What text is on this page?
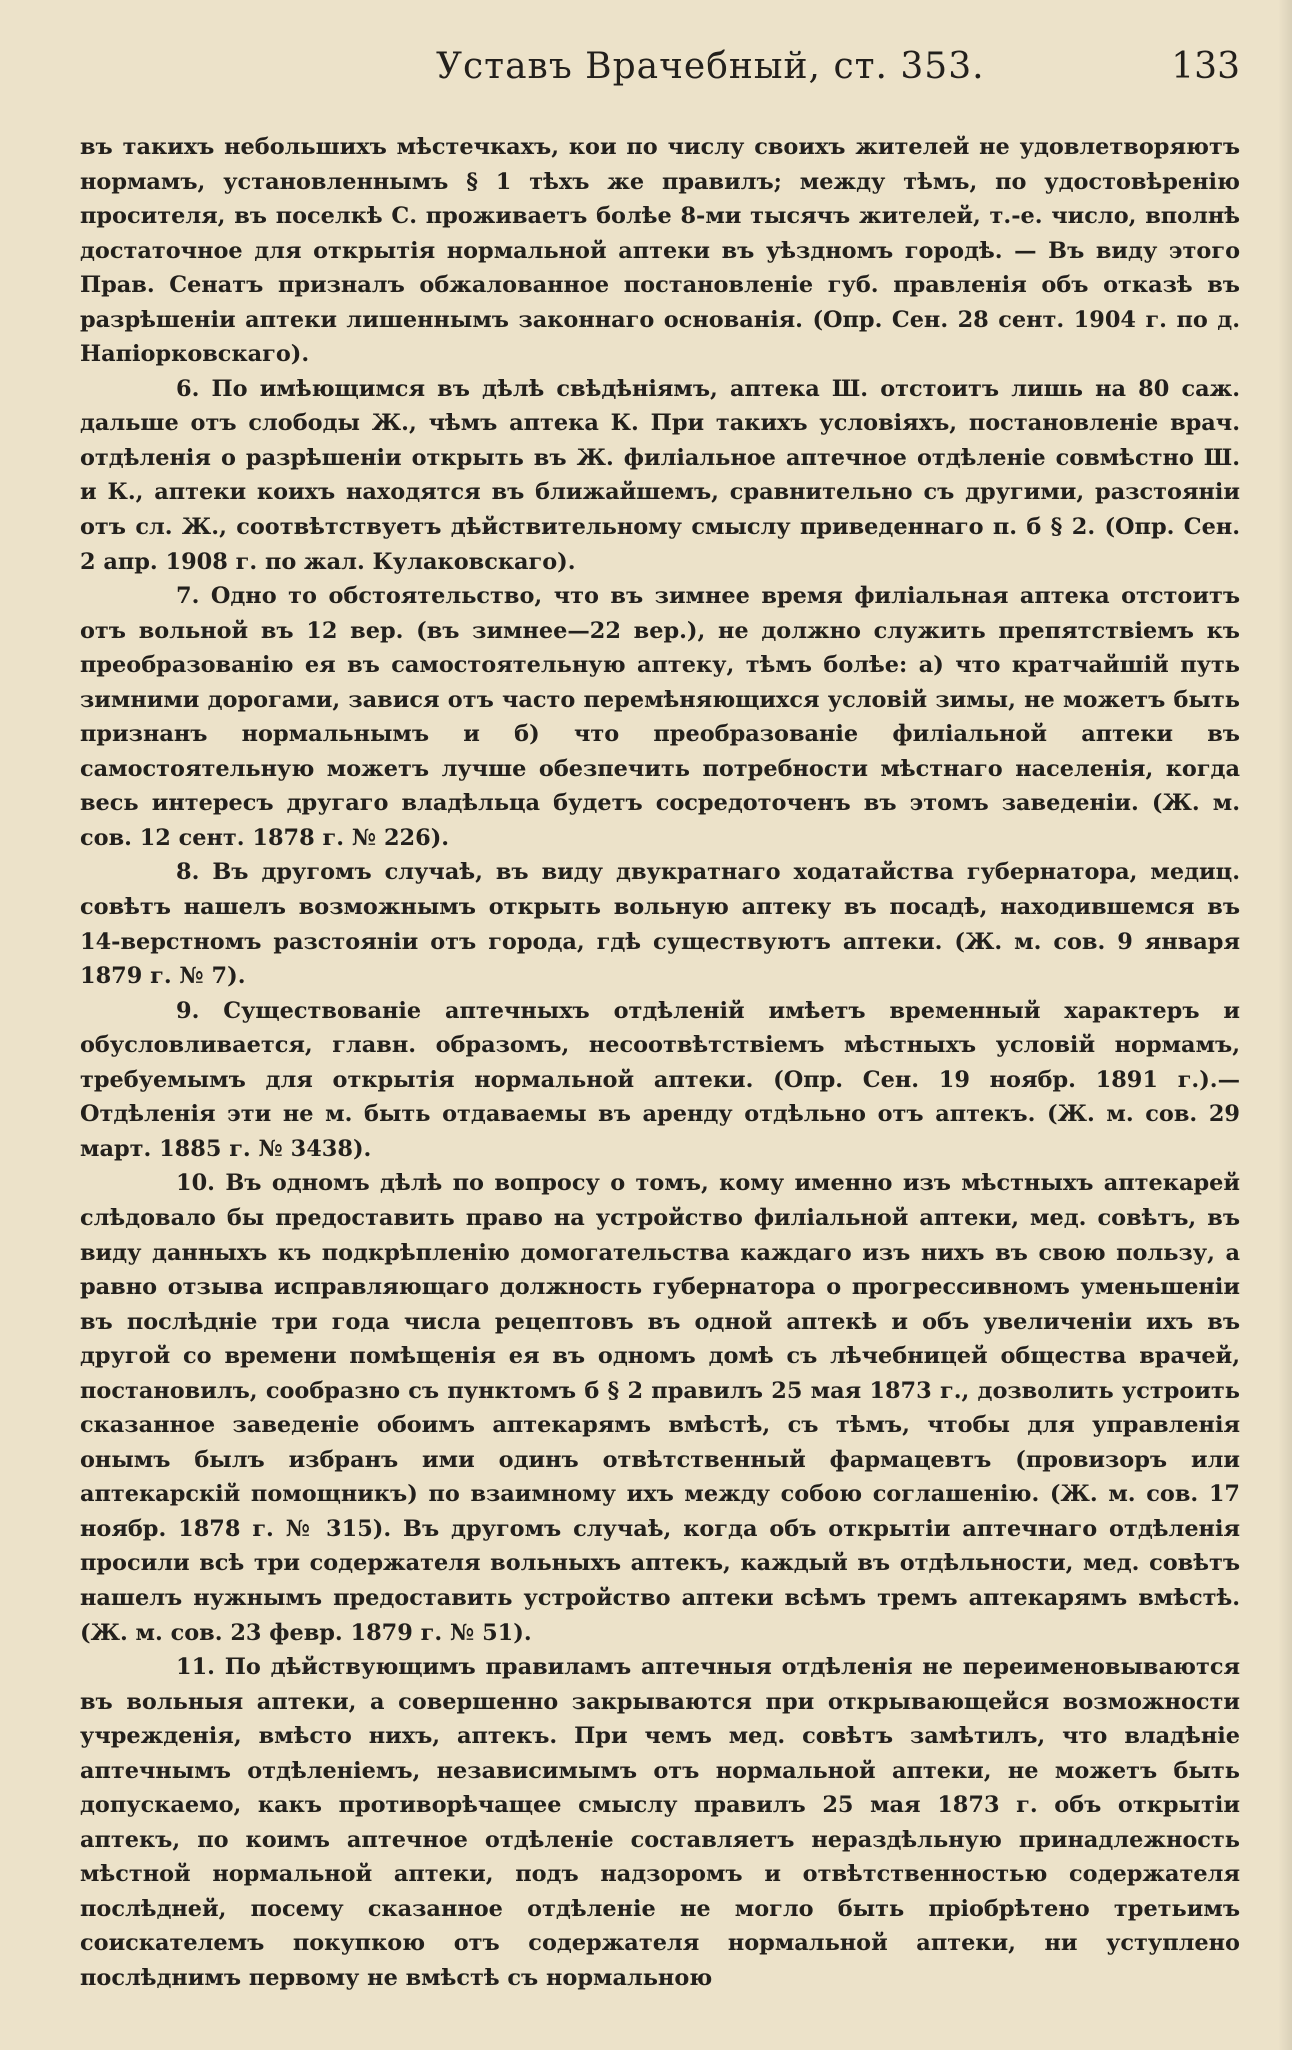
Уставъ Врачебный, ст. 353.	133

въ такихъ небольшихъ мѣстечкахъ, кои по числу своихъ жителей не удовлетворяютъ нормамъ, установленнымъ § 1 тѣхъ же правилъ; между тѣмъ, по удостовѣренію просителя, въ поселкѣ С. проживаетъ болѣе 8-ми тысячъ жителей, т.-е. число, вполнѣ достаточное для открытія нормальной аптеки въ уѣздномъ городѣ. — Въ виду этого Прав. Сенатъ призналъ обжалованное постановленіе губ. правленія объ отказѣ въ разрѣшеніи аптеки лишеннымъ законнаго основанія. (Опр. Сен. 28 сент. 1904 г. по д. Напіорковскаго).

6. По имѣющимся въ дѣлѣ свѣдѣніямъ, аптека Ш. отстоитъ лишь на 80 саж. дальше отъ слободы Ж., чѣмъ аптека К. При такихъ условіяхъ, постановленіе врач. отдѣленія о разрѣшеніи открыть въ Ж. филіальное аптечное отдѣленіе совмѣстно Ш. и К., аптеки коихъ находятся въ ближайшемъ, сравнительно съ другими, разстояніи отъ сл. Ж., соотвѣтствуетъ дѣйствительному смыслу приведеннаго п. б § 2. (Опр. Сен. 2 апр. 1908 г. по жал. Кулаковскаго).

7. Одно то обстоятельство, что въ зимнее время филіальная аптека отстоитъ отъ вольной въ 12 вер. (въ зимнее—22 вер.), не должно служить препятствіемъ къ преобразованію ея въ самостоятельную аптеку, тѣмъ болѣе: а) что кратчайшій путь зимними дорогами, завися отъ часто перемѣняющихся условій зимы, не можетъ быть признанъ нормальнымъ и б) что преобразованіе филіальной аптеки въ самостоятельную можетъ лучше обезпечить потребности мѣстнаго населенія, когда весь интересъ другаго владѣльца будетъ сосредоточенъ въ этомъ заведеніи. (Ж. м. сов. 12 сент. 1878 г. № 226).

8. Въ другомъ случаѣ, въ виду двукратнаго ходатайства губернатора, медиц. совѣтъ нашелъ возможнымъ открыть вольную аптеку въ посадѣ, находившемся въ 14-верстномъ разстояніи отъ города, гдѣ существуютъ аптеки. (Ж. м. сов. 9 января 1879 г. № 7).

9. Существованіе аптечныхъ отдѣленій имѣетъ временный характеръ и обусловливается, главн. образомъ, несоотвѣтствіемъ мѣстныхъ условій нормамъ, требуемымъ для открытія нормальной аптеки. (Опр. Сен. 19 ноябр. 1891 г.).—Отдѣленія эти не м. быть отдаваемы въ аренду отдѣльно отъ аптекъ. (Ж. м. сов. 29 март. 1885 г. № 3438).

10. Въ одномъ дѣлѣ по вопросу о томъ, кому именно изъ мѣстныхъ аптекарей слѣдовало бы предоставить право на устройство филіальной аптеки, мед. совѣтъ, въ виду данныхъ къ подкрѣпленію домогательства каждаго изъ нихъ въ свою пользу, а равно отзыва исправляющаго должность губернатора о прогрессивномъ уменьшеніи въ послѣдніе три года числа рецептовъ въ одной аптекѣ и объ увеличеніи ихъ въ другой со времени помѣщенія ея въ одномъ домѣ съ лѣчебницей общества врачей, постановилъ, сообразно съ пунктомъ б § 2 правилъ 25 мая 1873 г., дозволить устроить сказанное заведеніе обоимъ аптекарямъ вмѣстѣ, съ тѣмъ, чтобы для управленія онымъ былъ избранъ ими одинъ отвѣтственный фармацевтъ (провизоръ или аптекарскій помощникъ) по взаимному ихъ между собою соглашенію. (Ж. м. сов. 17 ноябр. 1878 г. № 315). Въ другомъ случаѣ, когда объ открытіи аптечнаго отдѣленія просили всѣ три содержателя вольныхъ аптекъ, каждый въ отдѣльности, мед. совѣтъ нашелъ нужнымъ предоставить устройство аптеки всѣмъ тремъ аптекарямъ вмѣстѣ. (Ж. м. сов. 23 февр. 1879 г. № 51).

11. По дѣйствующимъ правиламъ аптечныя отдѣленія не переименовываются въ вольныя аптеки, а совершенно закрываются при открывающейся возможности учрежденія, вмѣсто нихъ, аптекъ. При чемъ мед. совѣтъ замѣтилъ, что владѣніе аптечнымъ отдѣленіемъ, независимымъ отъ нормальной аптеки, не можетъ быть допускаемо, какъ противорѣчащее смыслу правилъ 25 мая 1873 г. объ открытіи аптекъ, по коимъ аптечное отдѣленіе составляетъ нераздѣльную принадлежность мѣстной нормальной аптеки, подъ надзоромъ и отвѣтственностью содержателя послѣдней, посему сказанное отдѣленіе не могло быть пріобрѣтено третьимъ соискателемъ покупкою отъ содержателя нормальной аптеки, ни уступлено послѣднимъ первому не вмѣстѣ съ нормальною
